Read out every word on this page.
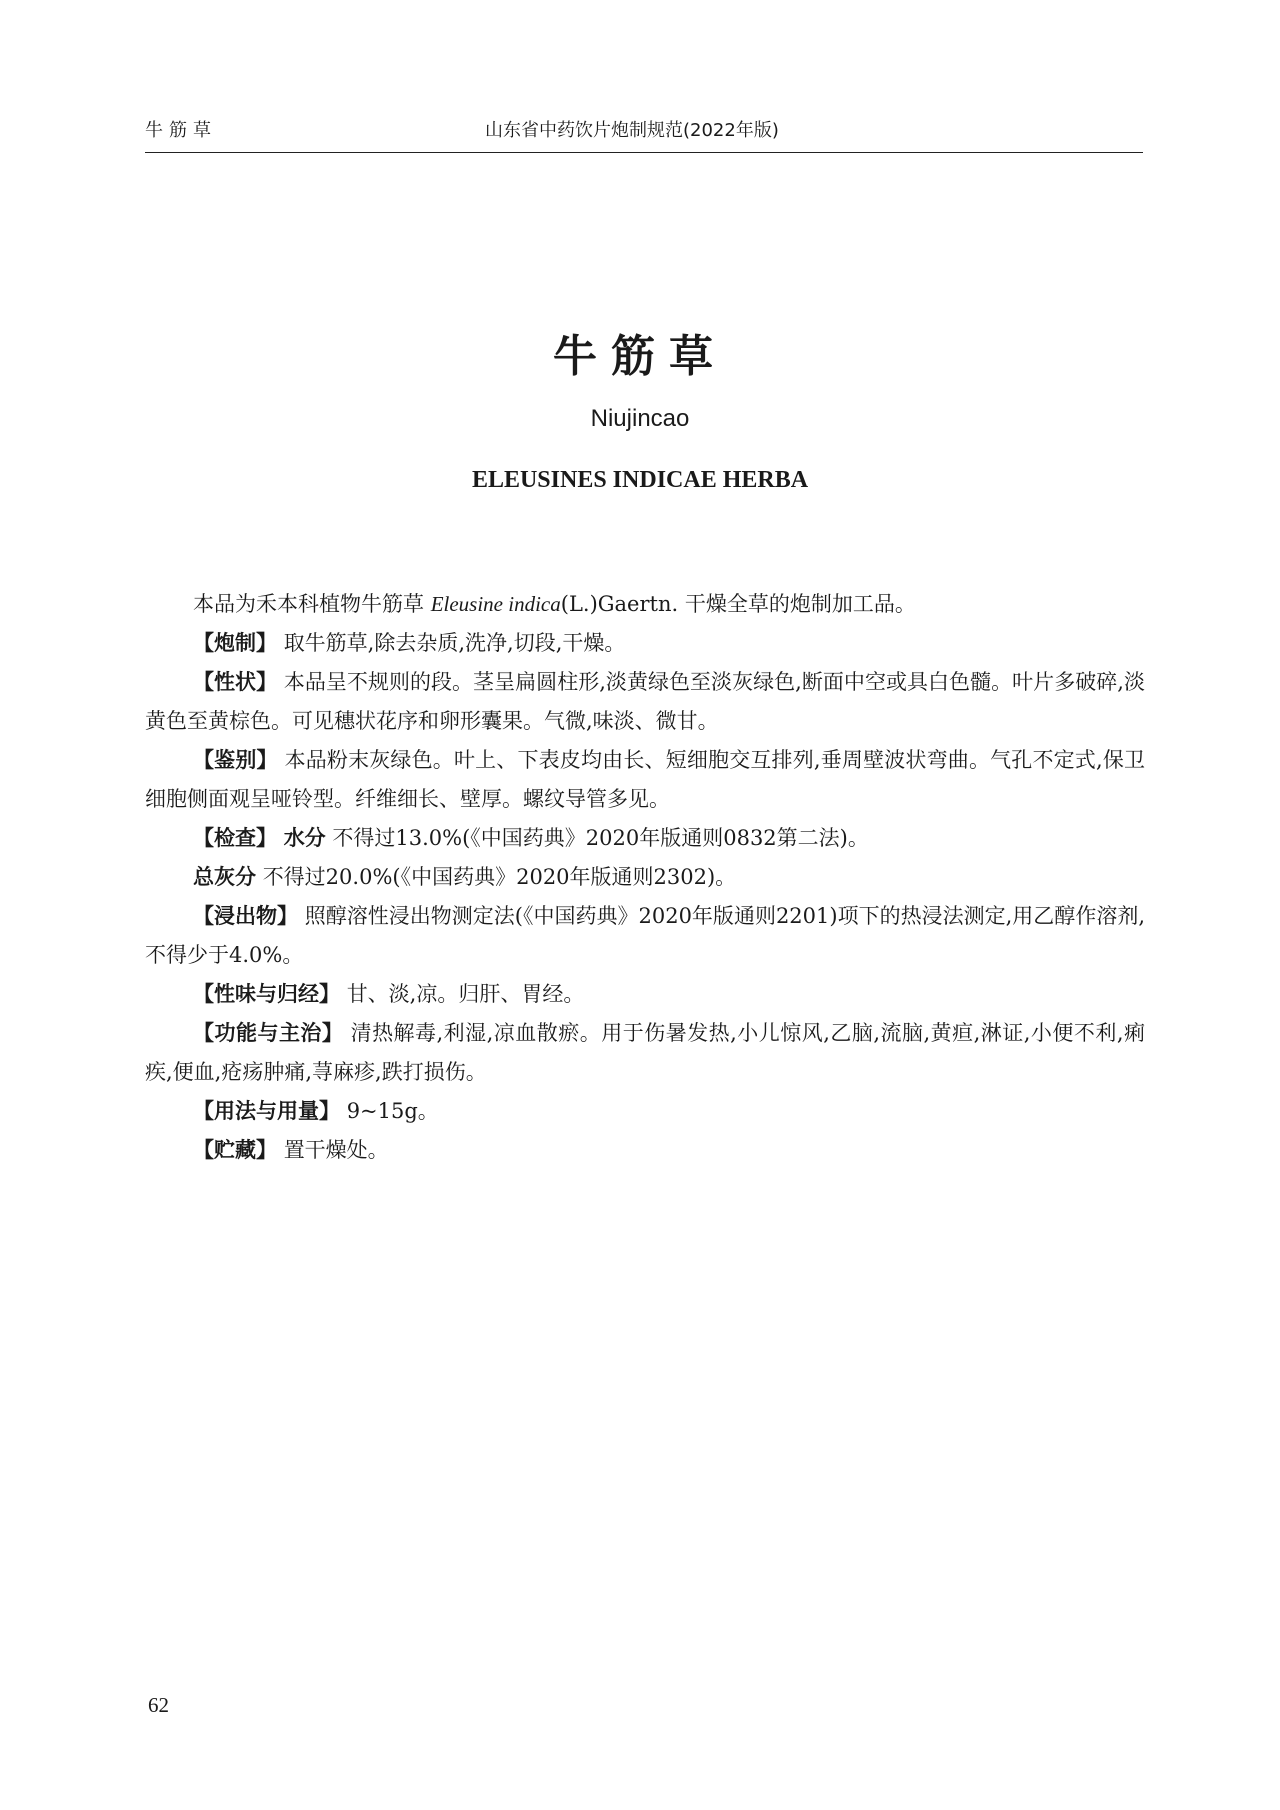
牛筋草	山东省中药饮片炮制规范(2022年版)
牛筋草
Niujincao
ELEUSINES INDICAE HERBA

本品为禾本科植物牛筋草 Eleusine indica(L.)Gaertn. 干燥全草的炮制加工品。

【炮制】 取牛筋草,除去杂质,洗净,切段,干燥。

【性状】 本品呈不规则的段。茎呈扁圆柱形,淡黄绿色至淡灰绿色,断面中空或具白色髓。叶片多破碎,淡黄色至黄棕色。可见穗状花序和卵形囊果。气微,味淡、微甘。

【鉴别】 本品粉末灰绿色。叶上、下表皮均由长、短细胞交互排列,垂周壁波状弯曲。气孔不定式,保卫细胞侧面观呈哑铃型。纤维细长、壁厚。螺纹导管多见。

【检查】 水分 不得过13.0%(《中国药典》2020年版通则0832第二法)。

总灰分 不得过20.0%(《中国药典》2020年版通则2302)。

【浸出物】 照醇溶性浸出物测定法(《中国药典》2020年版通则2201)项下的热浸法测定,用乙醇作溶剂,不得少于4.0%。

【性味与归经】 甘、淡,凉。归肝、胃经。

【功能与主治】 清热解毒,利湿,凉血散瘀。用于伤暑发热,小儿惊风,乙脑,流脑,黄疸,淋证,小便不利,痢疾,便血,疮疡肿痛,荨麻疹,跌打损伤。

【用法与用量】 9~15g。

【贮藏】 置干燥处。

62
